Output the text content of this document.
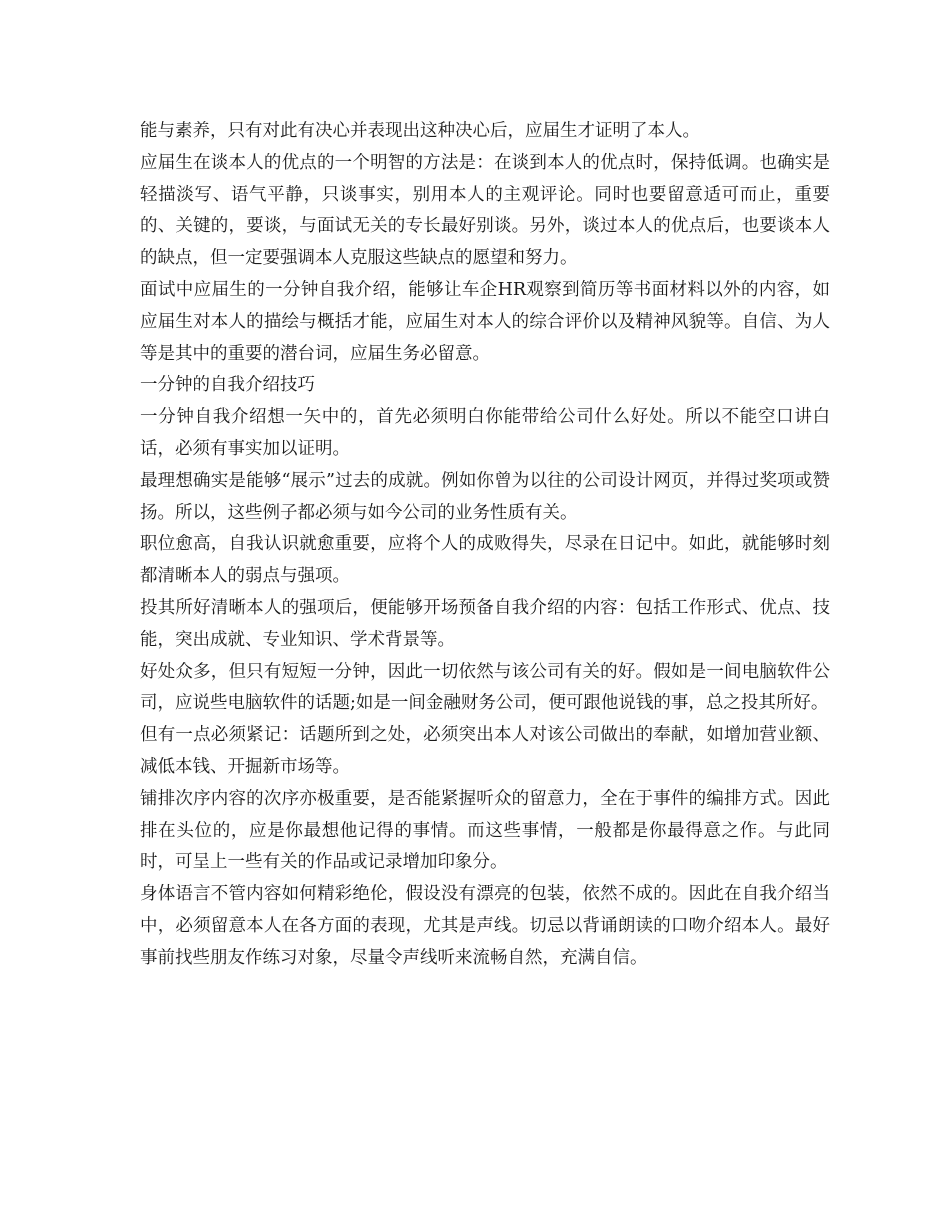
能与素养，只有对此有决心并表现出这种决心后，应届生才证明了本人。

应届生在谈本人的优点的一个明智的方法是：在谈到本人的优点时，保持低调。也确实是轻描淡写、语气平静，只谈事实，别用本人的主观评论。同时也要留意适可而止，重要的、关键的，要谈，与面试无关的专长最好别谈。另外，谈过本人的优点后，也要谈本人的缺点，但一定要强调本人克服这些缺点的愿望和努力。

面试中应届生的一分钟自我介绍，能够让车企HR观察到简历等书面材料以外的内容，如应届生对本人的描绘与概括才能，应届生对本人的综合评价以及精神风貌等。自信、为人等是其中的重要的潜台词，应届生务必留意。

一分钟的自我介绍技巧

一分钟自我介绍想一矢中的，首先必须明白你能带给公司什么好处。所以不能空口讲白话，必须有事实加以证明。

最理想确实是能够“展示”过去的成就。例如你曾为以往的公司设计网页，并得过奖项或赞扬。所以，这些例子都必须与如今公司的业务性质有关。

职位愈高，自我认识就愈重要，应将个人的成败得失，尽录在日记中。如此，就能够时刻都清晰本人的弱点与强项。

投其所好清晰本人的强项后，便能够开场预备自我介绍的内容：包括工作形式、优点、技能，突出成就、专业知识、学术背景等。

好处众多，但只有短短一分钟，因此一切依然与该公司有关的好。假如是一间电脑软件公司，应说些电脑软件的话题;如是一间金融财务公司，便可跟他说钱的事，总之投其所好。

但有一点必须紧记：话题所到之处，必须突出本人对该公司做出的奉献，如增加营业额、减低本钱、开掘新市场等。

铺排次序内容的次序亦极重要，是否能紧握听众的留意力，全在于事件的编排方式。因此排在头位的，应是你最想他记得的事情。而这些事情，一般都是你最得意之作。与此同时，可呈上一些有关的作品或记录增加印象分。

身体语言不管内容如何精彩绝伦，假设没有漂亮的包装，依然不成的。因此在自我介绍当中，必须留意本人在各方面的表现，尤其是声线。切忌以背诵朗读的口吻介绍本人。最好事前找些朋友作练习对象，尽量令声线听来流畅自然，充满自信。
